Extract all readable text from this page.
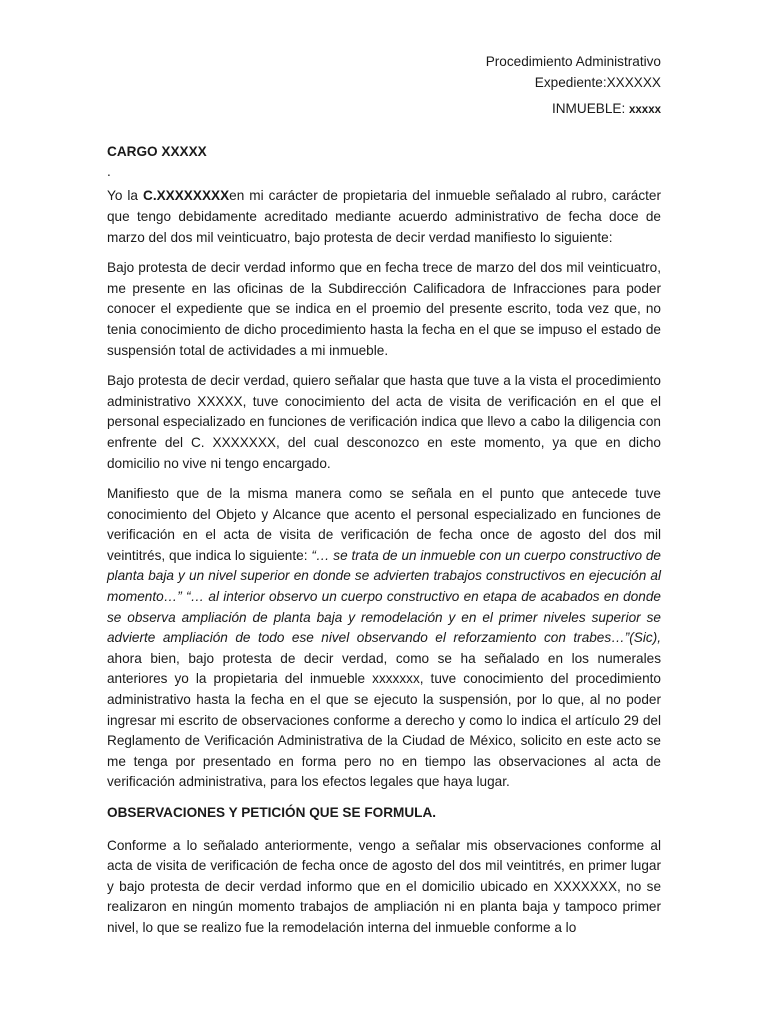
Procedimiento Administrativo
Expediente:XXXXXX
INMUEBLE: xxxxx
CARGO XXXXX
.

Yo la C.XXXXXXXXen mi carácter de propietaria del inmueble señalado al rubro, carácter que tengo debidamente acreditado mediante acuerdo administrativo de fecha doce de marzo del dos mil veinticuatro, bajo protesta de decir verdad manifiesto lo siguiente:

Bajo protesta de decir verdad informo que en fecha trece de marzo del dos mil veinticuatro, me presente en las oficinas de la Subdirección Calificadora de Infracciones para poder conocer el expediente que se indica en el proemio del presente escrito, toda vez que, no tenia conocimiento de dicho procedimiento hasta la fecha en el que se impuso el estado de suspensión total de actividades a mi inmueble.

Bajo protesta de decir verdad, quiero señalar que hasta que tuve a la vista el procedimiento administrativo XXXXX, tuve conocimiento del acta de visita de verificación en el que el personal especializado en funciones de verificación indica que llevo a cabo la diligencia con enfrente del C. XXXXXXX, del cual desconozco en este momento, ya que en dicho domicilio no vive ni tengo encargado.

Manifiesto que de la misma manera como se señala en el punto que antecede tuve conocimiento del Objeto y Alcance que acento el personal especializado en funciones de verificación en el acta de visita de verificación de fecha once de agosto del dos mil veintitrés, que indica lo siguiente: “… se trata de un inmueble con un cuerpo constructivo de planta baja y un nivel superior en donde se advierten trabajos constructivos en ejecución al momento…” “… al interior observo un cuerpo constructivo en etapa de acabados en donde se observa ampliación de planta baja y remodelación y en el primer niveles superior se advierte ampliación de todo ese nivel observando el reforzamiento con trabes…”(Sic), ahora bien, bajo protesta de decir verdad, como se ha señalado en los numerales anteriores yo la propietaria del inmueble xxxxxxx, tuve conocimiento del procedimiento administrativo hasta la fecha en el que se ejecuto la suspensión, por lo que, al no poder ingresar mi escrito de observaciones conforme a derecho y como lo indica el artículo 29 del Reglamento de Verificación Administrativa de la Ciudad de México, solicito en este acto se me tenga por presentado en forma pero no en tiempo las observaciones al acta de verificación administrativa, para los efectos legales que haya lugar.

OBSERVACIONES Y PETICIÓN QUE SE FORMULA.

Conforme a lo señalado anteriormente, vengo a señalar mis observaciones conforme al acta de visita de verificación de fecha once de agosto del dos mil veintitrés, en primer lugar y bajo protesta de decir verdad informo que en el domicilio ubicado en XXXXXXX, no se realizaron en ningún momento trabajos de ampliación ni en planta baja y tampoco primer nivel, lo que se realizo fue la remodelación interna del inmueble conforme a lo
